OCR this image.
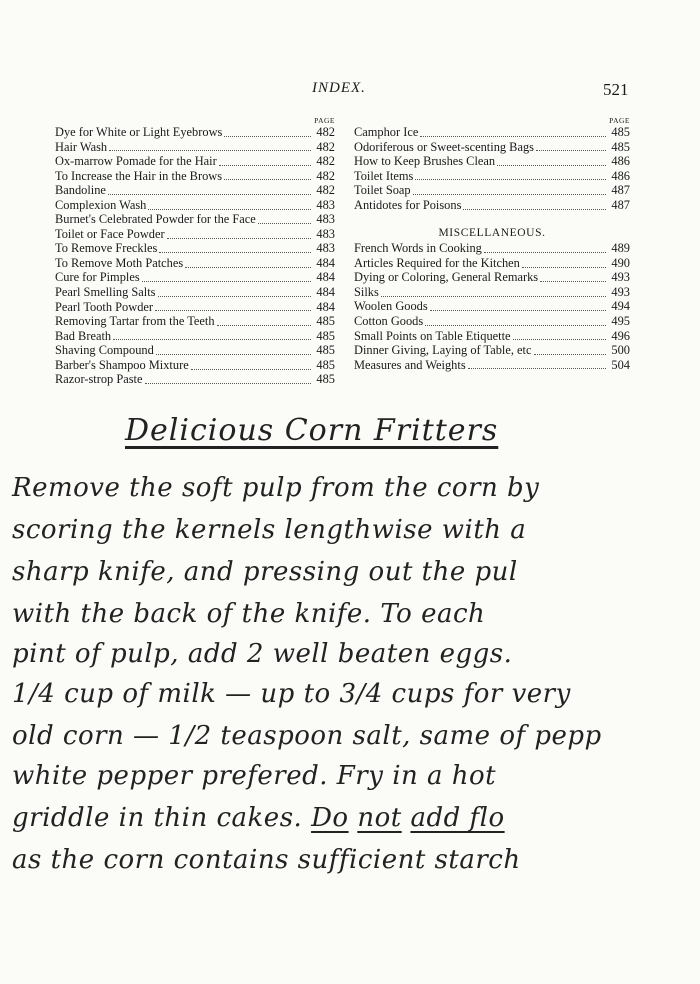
INDEX.	521
PAGE
Dye for White or Light Eyebrows	482
Hair Wash	482
Ox-marrow Pomade for the Hair	482
To Increase the Hair in the Brows	482
Bandoline	482
Complexion Wash	483
Burnet's Celebrated Powder for the Face	483
Toilet or Face Powder	483
To Remove Freckles	483
To Remove Moth Patches	484
Cure for Pimples	484
Pearl Smelling Salts	484
Pearl Tooth Powder	484
Removing Tartar from the Teeth	485
Bad Breath	485
Shaving Compound	485
Barber's Shampoo Mixture	485
Razor-strop Paste	485
PAGE
Camphor Ice	485
Odoriferous or Sweet-scenting Bags	485
How to Keep Brushes Clean	486
Toilet Items	486
Toilet Soap	487
Antidotes for Poisons	487
MISCELLANEOUS.
French Words in Cooking	489
Articles Required for the Kitchen	490
Dying or Coloring, General Remarks	493
Silks	493
Woolen Goods	494
Cotton Goods	495
Small Points on Table Etiquette	496
Dinner Giving, Laying of Table, etc	500
Measures and Weights	504
Delicious Corn Fritters
Remove the soft pulp from the corn by
scoring the kernels lengthwise with a
sharp knife, and pressing out the pul
with the back of the knife. To each
pint of pulp, add 2 well beaten eggs.
1/4 cup of milk — up to 3/4 cups for very
old corn — 1/2 teaspoon salt, same of pepp
white pepper prefered. Fry in a hot
griddle in thin cakes. Do not add flo
as the corn contains sufficient starch
